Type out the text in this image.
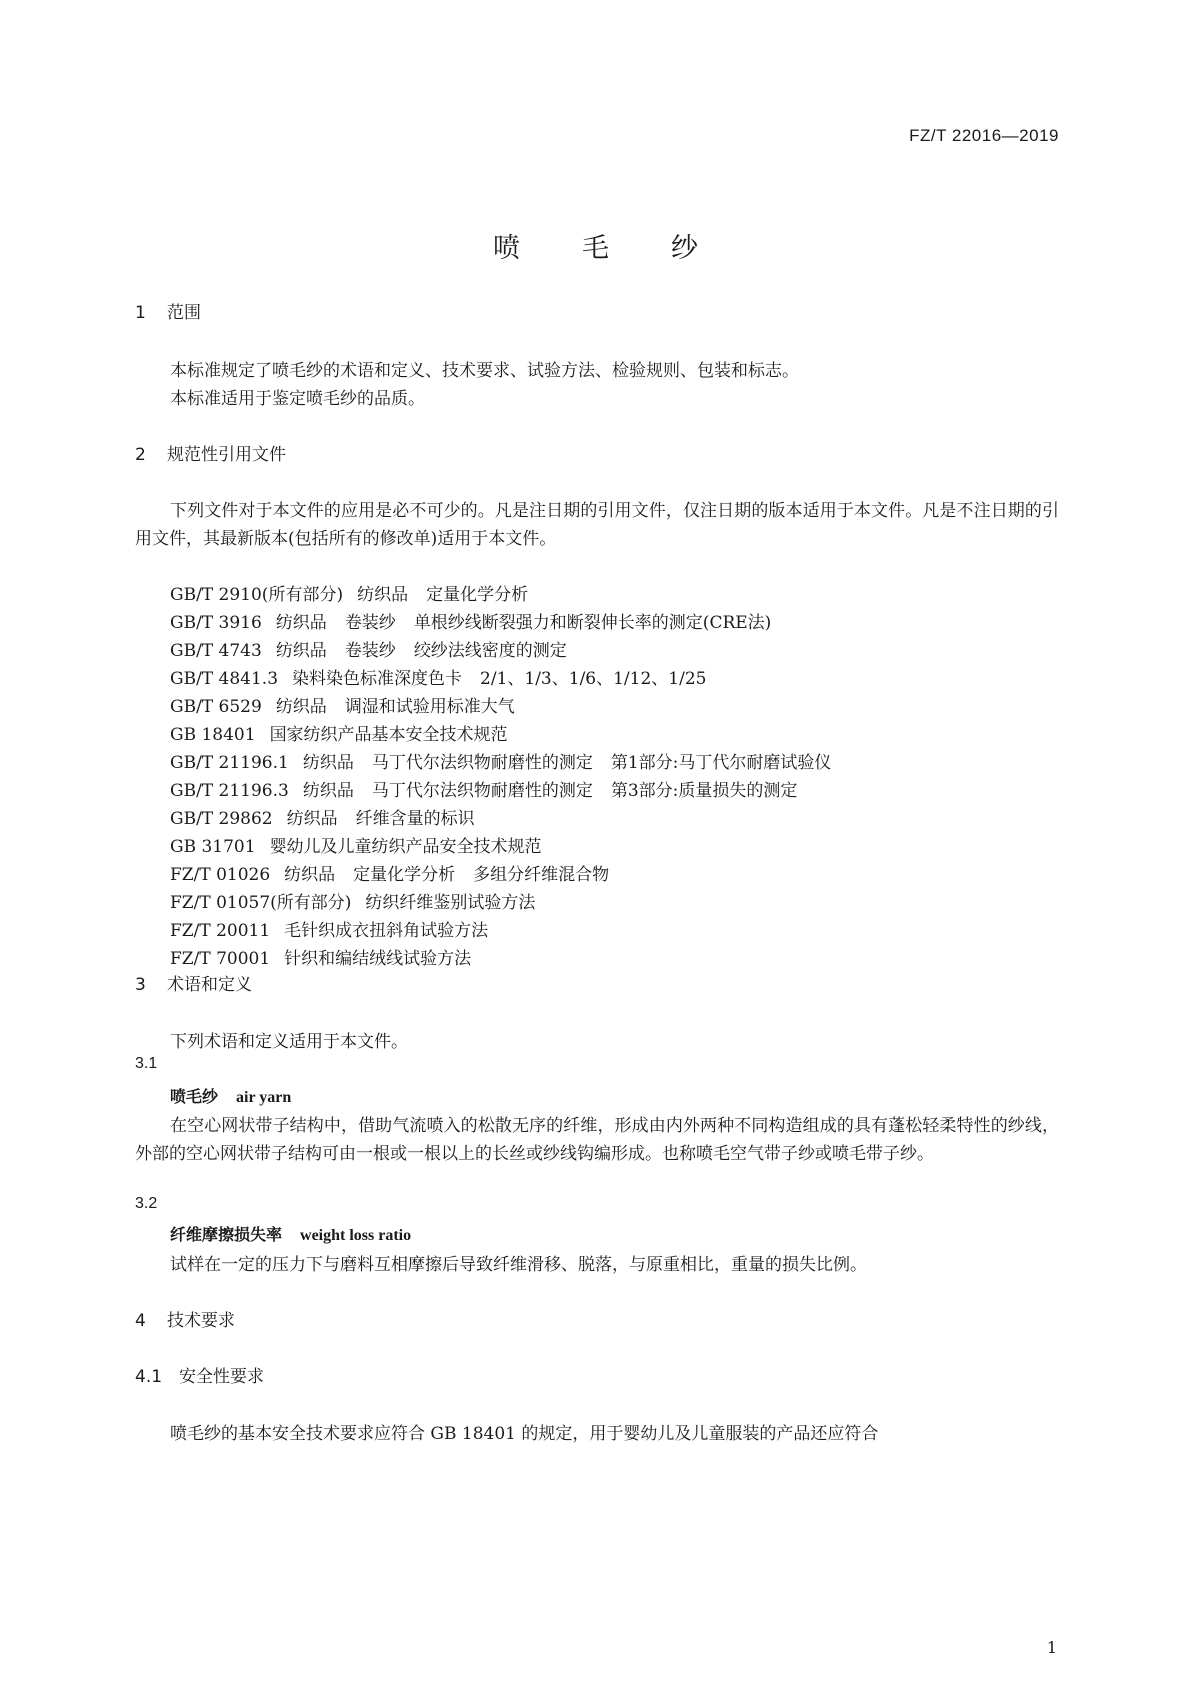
FZ/T 22016—2019
喷毛纱
1 范围
本标准规定了喷毛纱的术语和定义、技术要求、试验方法、检验规则、包装和标志。
本标准适用于鉴定喷毛纱的品质。
2 规范性引用文件
下列文件对于本文件的应用是必不可少的。凡是注日期的引用文件，仅注日期的版本适用于本文件。凡是不注日期的引用文件，其最新版本(包括所有的修改单)适用于本文件。
GB/T 2910(所有部分) 纺织品 定量化学分析
GB/T 3916 纺织品 卷装纱 单根纱线断裂强力和断裂伸长率的测定(CRE法)
GB/T 4743 纺织品 卷装纱 绞纱法线密度的测定
GB/T 4841.3 染料染色标准深度色卡 2/1、1/3、1/6、1/12、1/25
GB/T 6529 纺织品 调湿和试验用标准大气
GB 18401 国家纺织产品基本安全技术规范
GB/T 21196.1 纺织品 马丁代尔法织物耐磨性的测定 第1部分:马丁代尔耐磨试验仪
GB/T 21196.3 纺织品 马丁代尔法织物耐磨性的测定 第3部分:质量损失的测定
GB/T 29862 纺织品 纤维含量的标识
GB 31701 婴幼儿及儿童纺织产品安全技术规范
FZ/T 01026 纺织品 定量化学分析 多组分纤维混合物
FZ/T 01057(所有部分) 纺织纤维鉴别试验方法
FZ/T 20011 毛针织成衣扭斜角试验方法
FZ/T 70001 针织和编结绒线试验方法
3 术语和定义
下列术语和定义适用于本文件。
3.1
喷毛纱 air yarn
在空心网状带子结构中，借助气流喷入的松散无序的纤维，形成由内外两种不同构造组成的具有蓬松轻柔特性的纱线，外部的空心网状带子结构可由一根或一根以上的长丝或纱线钩编形成。也称喷毛空气带子纱或喷毛带子纱。
3.2
纤维摩擦损失率 weight loss ratio
试样在一定的压力下与磨料互相摩擦后导致纤维滑移、脱落，与原重相比，重量的损失比例。
4 技术要求
4.1 安全性要求
喷毛纱的基本安全技术要求应符合 GB 18401 的规定，用于婴幼儿及儿童服装的产品还应符合
1
